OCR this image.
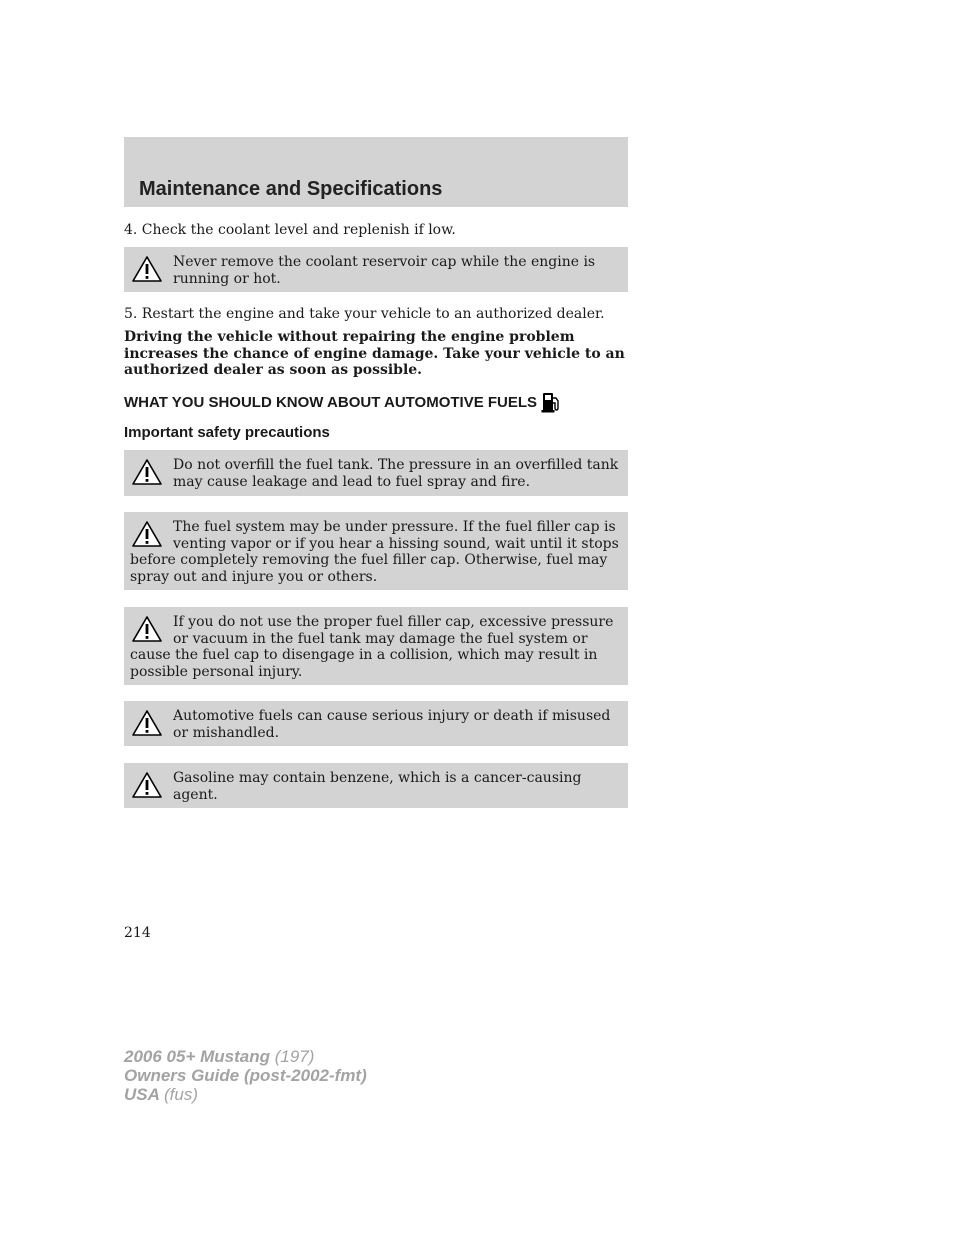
Maintenance and Specifications

4. Check the coolant level and replenish if low.

Never remove the coolant reservoir cap while the engine is running or hot.

5. Restart the engine and take your vehicle to an authorized dealer.

Driving the vehicle without repairing the engine problem increases the chance of engine damage. Take your vehicle to an authorized dealer as soon as possible.

WHAT YOU SHOULD KNOW ABOUT AUTOMOTIVE FUELS
Important safety precautions

Do not overfill the fuel tank. The pressure in an overfilled tank may cause leakage and lead to fuel spray and fire.

The fuel system may be under pressure. If the fuel filler cap is venting vapor or if you hear a hissing sound, wait until it stops before completely removing the fuel filler cap. Otherwise, fuel may spray out and injure you or others.

If you do not use the proper fuel filler cap, excessive pressure or vacuum in the fuel tank may damage the fuel system or cause the fuel cap to disengage in a collision, which may result in possible personal injury.

Automotive fuels can cause serious injury or death if misused or mishandled.

Gasoline may contain benzene, which is a cancer-causing agent.

214

2006 05+ Mustang (197)
Owners Guide (post-2002-fmt)
USA (fus)
